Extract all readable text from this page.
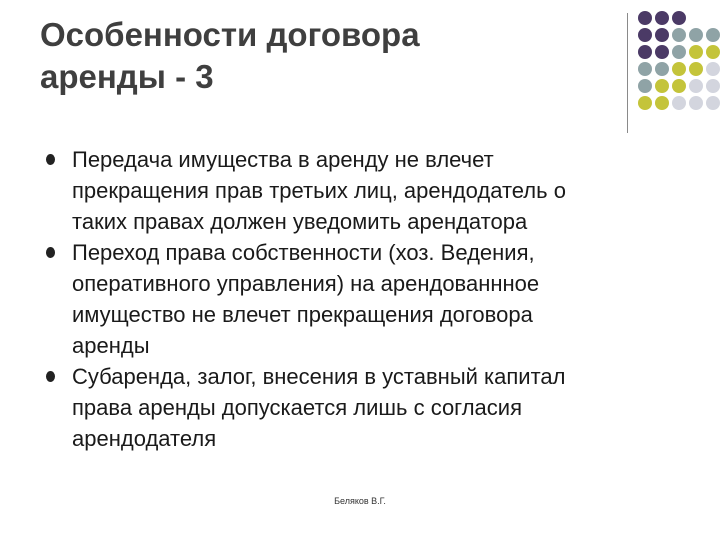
Особенности договора
аренды - 3
Передача имущества в аренду не влечет
прекращения прав третьих лиц, арендодатель о
таких правах должен уведомить арендатора
Переход права собственности (хоз. Ведения,
оперативного управления) на арендованнное
имущество не влечет прекращения договора
аренды
Субаренда, залог, внесения в уставный капитал
права аренды допускается лишь с согласия
арендодателя
Беляков В.Г.
